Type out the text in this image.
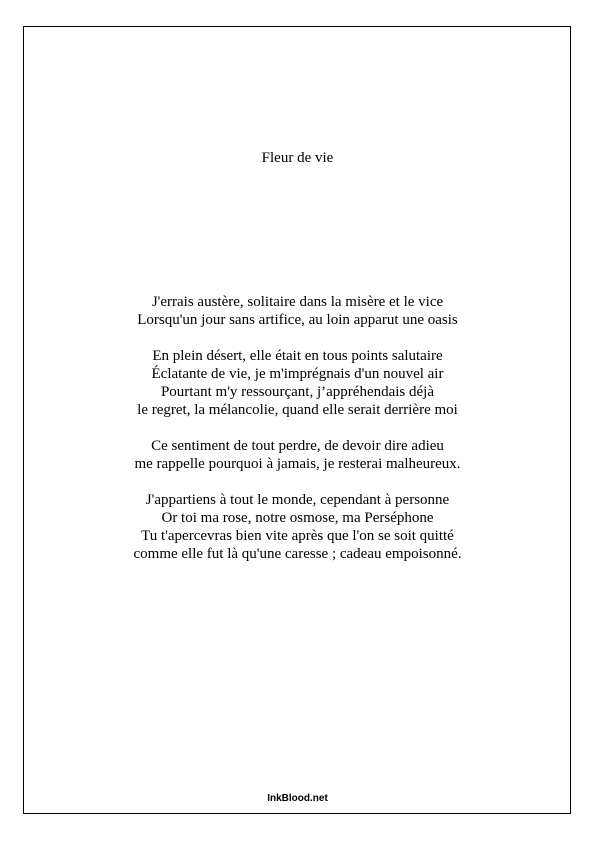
Fleur de vie
J'errais austère, solitaire dans la misère et le vice
Lorsqu'un jour sans artifice, au loin apparut une oasis
En plein désert, elle était en tous points salutaire
Éclatante de vie, je m'imprégnais d'un nouvel air
Pourtant m'y ressourçant, j’appréhendais déjà
le regret, la mélancolie, quand elle serait derrière moi
Ce sentiment de tout perdre, de devoir dire adieu
me rappelle pourquoi à jamais, je resterai malheureux.
J'appartiens à tout le monde, cependant à personne
Or toi ma rose, notre osmose, ma Perséphone
Tu t'apercevras bien vite après que l'on se soit quitté
comme elle fut là qu'une caresse ; cadeau empoisonné.
InkBlood.net
